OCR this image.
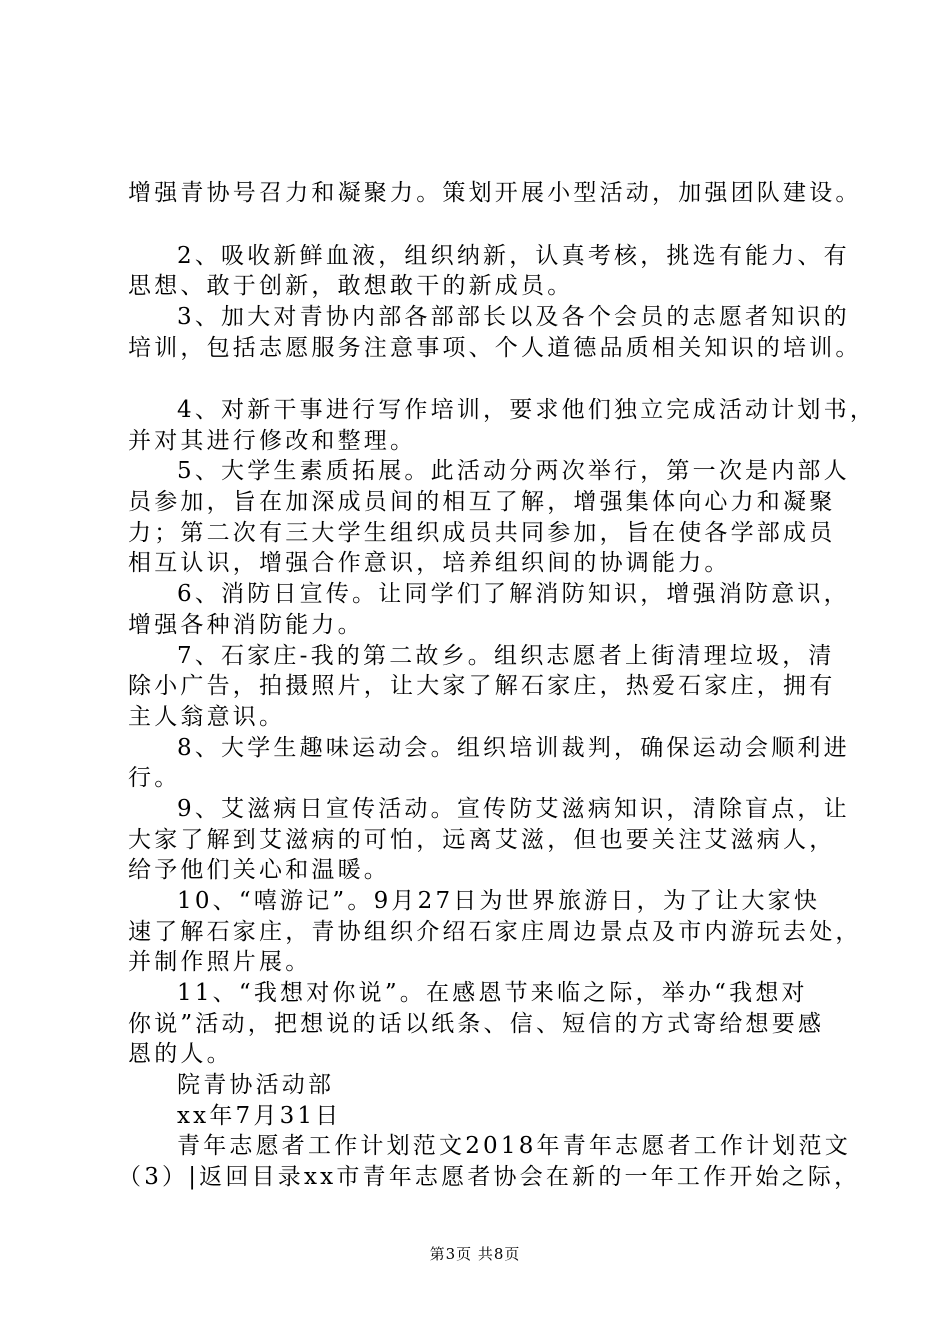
增强青协号召力和凝聚力。策划开展小型活动，加强团队建设。
2、吸收新鲜血液，组织纳新，认真考核，挑选有能力、有
思想、敢于创新，敢想敢干的新成员。
3、加大对青协内部各部部长以及各个会员的志愿者知识的
培训，包括志愿服务注意事项、个人道德品质相关知识的培训。
4、对新干事进行写作培训，要求他们独立完成活动计划书，
并对其进行修改和整理。
5、大学生素质拓展。此活动分两次举行，第一次是内部人
员参加，旨在加深成员间的相互了解，增强集体向心力和凝聚
力；第二次有三大学生组织成员共同参加，旨在使各学部成员
相互认识，增强合作意识，培养组织间的协调能力。
6、消防日宣传。让同学们了解消防知识，增强消防意识，
增强各种消防能力。
7、石家庄-我的第二故乡。组织志愿者上街清理垃圾，清
除小广告，拍摄照片，让大家了解石家庄，热爱石家庄，拥有
主人翁意识。
8、大学生趣味运动会。组织培训裁判，确保运动会顺利进
行。
9、艾滋病日宣传活动。宣传防艾滋病知识，清除盲点，让
大家了解到艾滋病的可怕，远离艾滋，但也要关注艾滋病人，
给予他们关心和温暖。
10、“嘻游记”。9月27日为世界旅游日，为了让大家快
速了解石家庄，青协组织介绍石家庄周边景点及市内游玩去处，
并制作照片展。
11、“我想对你说”。在感恩节来临之际，举办“我想对
你说”活动，把想说的话以纸条、信、短信的方式寄给想要感
恩的人。
院青协活动部
xx年7月31日
青年志愿者工作计划范文2018年青年志愿者工作计划范文
（3）|返回目录xx市青年志愿者协会在新的一年工作开始之际，
第3页 共8页
